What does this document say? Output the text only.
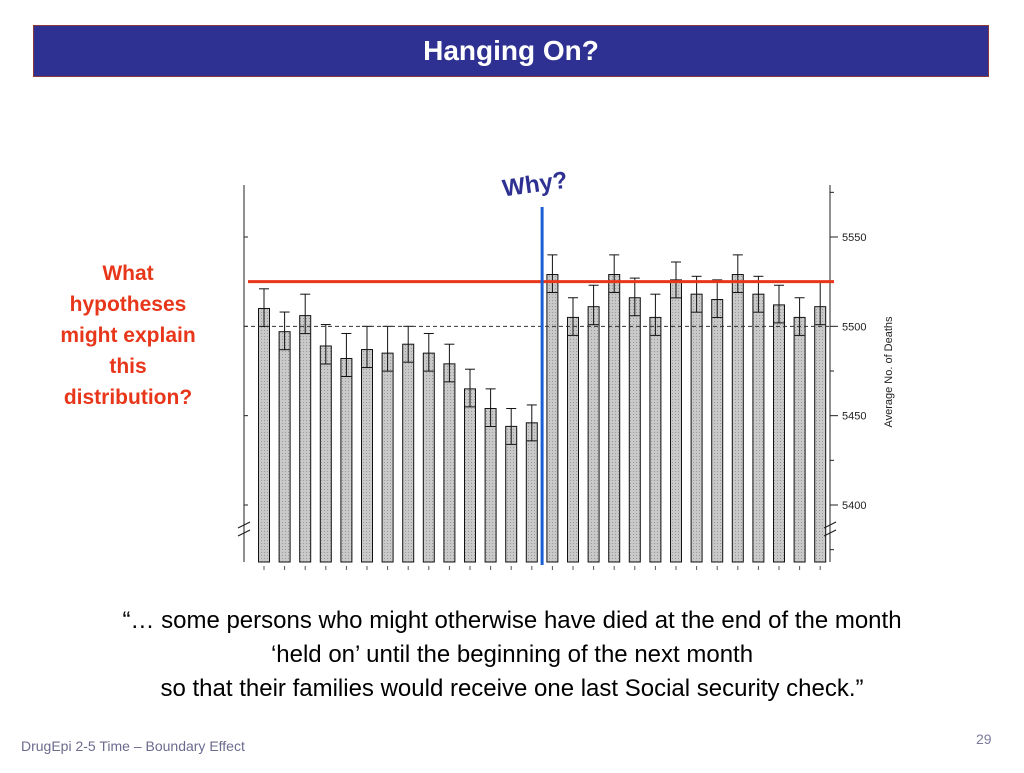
Hanging On?
What
hypotheses
might explain
this
distribution?
5400
5450
5500
5550
Average No. of Deaths
Why?
“… some persons who might otherwise have died at the end of the month
‘held on’ until the beginning of the next month
so that their families would receive one last Social security check.”
DrugEpi 2-5 Time – Boundary Effect	29
